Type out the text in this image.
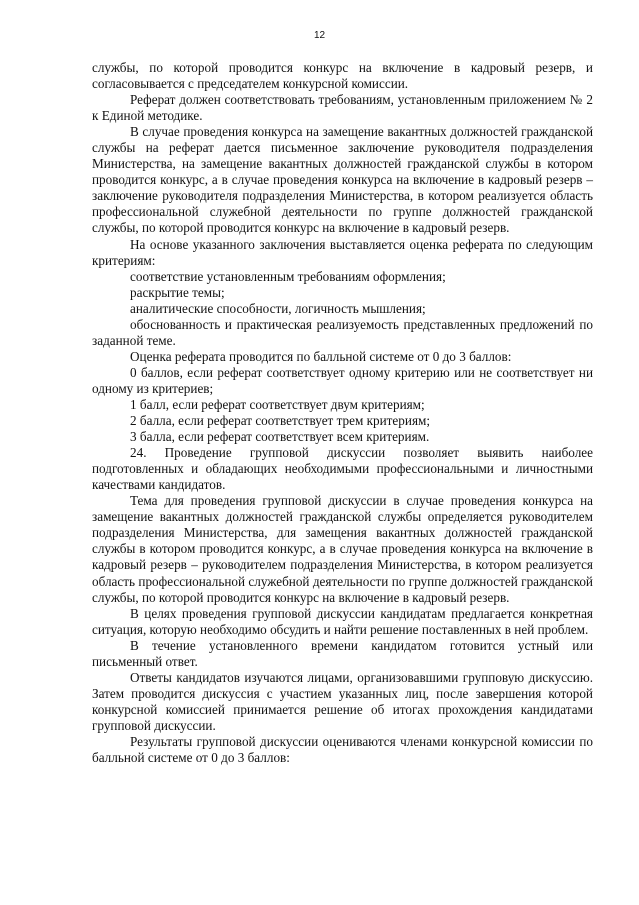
12

службы, по которой проводится конкурс на включение в кадровый резерв, и согласовывается с председателем конкурсной комиссии.

Реферат должен соответствовать требованиям, установленным приложением № 2 к Единой методике.

В случае проведения конкурса на замещение вакантных должностей гражданской службы на реферат дается письменное заключение руководителя подразделения Министерства, на замещение вакантных должностей гражданской службы в котором проводится конкурс, а в случае проведения конкурса на включение в кадровый резерв – заключение руководителя подразделения Министерства, в котором реализуется область профессиональной служебной деятельности по группе должностей гражданской службы, по которой проводится конкурс на включение в кадровый резерв.

На основе указанного заключения выставляется оценка реферата по следующим критериям:

соответствие установленным требованиям оформления;

раскрытие темы;

аналитические способности, логичность мышления;

обоснованность и практическая реализуемость представленных предложений по заданной теме.

Оценка реферата проводится по балльной системе от 0 до 3 баллов:

0 баллов, если реферат соответствует одному критерию или не соответствует ни одному из критериев;

1 балл, если реферат соответствует двум критериям;

2 балла, если реферат соответствует трем критериям;

3 балла, если реферат соответствует всем критериям.

24. Проведение групповой дискуссии позволяет выявить наиболее подготовленных и обладающих необходимыми профессиональными и личностными качествами кандидатов.

Тема для проведения групповой дискуссии в случае проведения конкурса на замещение вакантных должностей гражданской службы определяется руководителем подразделения Министерства, для замещения вакантных должностей гражданской службы в котором проводится конкурс, а в случае проведения конкурса на включение в кадровый резерв – руководителем подразделения Министерства, в котором реализуется область профессиональной служебной деятельности по группе должностей гражданской службы, по которой проводится конкурс на включение в кадровый резерв.

В целях проведения групповой дискуссии кандидатам предлагается конкретная ситуация, которую необходимо обсудить и найти решение поставленных в ней проблем.

В течение установленного времени кандидатом готовится устный или письменный ответ.

Ответы кандидатов изучаются лицами, организовавшими групповую дискуссию. Затем проводится дискуссия с участием указанных лиц, после завершения которой конкурсной комиссией принимается решение об итогах прохождения кандидатами групповой дискуссии.

Результаты групповой дискуссии оцениваются членами конкурсной комиссии по балльной системе от 0 до 3 баллов:
